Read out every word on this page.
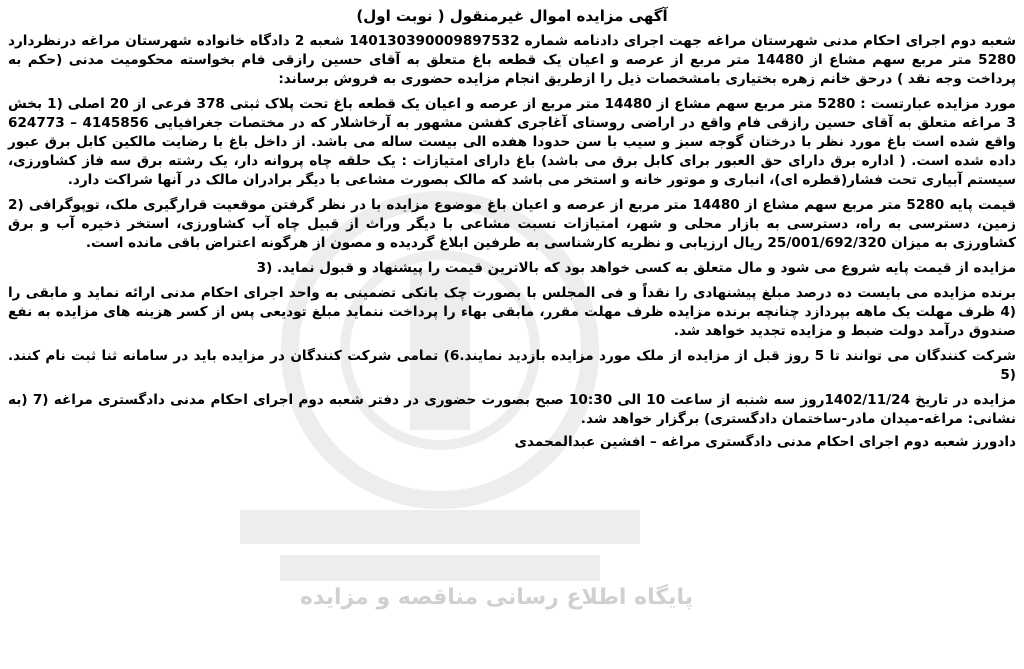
پایگاه اطلاع رسانی مناقصه و مزایده
آگهی مزایده اموال غیرمنقول ( نوبت اول)
شعبه دوم اجرای احکام مدنی شهرستان مراغه جهت اجرای دادنامه شماره 140130390009897532 شعبه 2 دادگاه خانواده شهرستان مراغه درنظردارد 5280 متر مربع سهم مشاع از 14480 متر مربع از عرصه و اعیان یک قطعه باغ متعلق به آقای حسین رازقی فام بخواسته محکومیت مدنی (حکم به پرداخت وجه نقد ) درحق خانم زهره بختیاری بامشخصات ذیل را ازطریق انجام مزایده حضوری به فروش برساند:
مورد مزایده عبارتست : 5280 متر مربع سهم مشاع از 14480 متر مربع از عرصه و اعیان یک قطعه باغ تحت پلاک ثبتی 378 فرعی از 20 اصلی (1 بخش 3 مراغه متعلق به آقای حسین رازقی فام واقع در اراضی روستای آغاجری کفشن مشهور به آرخاشلار که در مختصات جغرافیایی 4145856 – 624773 واقع شده است باغ مورد نظر با درختان گوجه سبز و سیب با سن حدودا هفده الی بیست ساله می باشد. از داخل باغ با رضایت مالکین کابل برق عبور داده شده است. ( اداره برق دارای حق العبور برای کابل برق می باشد) باغ دارای امتیازات : یک حلقه چاه پروانه دار، یک رشته برق سه فاز کشاورزی، سیستم آبیاری تحت فشار(قطره ای)، انباری و موتور خانه و استخر می باشد که مالک بصورت مشاعی با دیگر برادران مالک در آنها شراکت دارد.
قیمت پایه 5280 متر مربع سهم مشاع از 14480 متر مربع از عرصه و اعیان باغ موضوع مزایده با در نظر گرفتن موقعیت قرارگیری ملک، توپوگرافی (2 زمین، دسترسی به راه، دسترسی به بازار محلی و شهر، امتیازات نسبت مشاعی با دیگر وراث از قبیل چاه آب کشاورزی، استخر ذخیره آب و برق کشاورزی به میزان 25/001/692/320 ریال ارزیابی و نظریه کارشناسی به طرفین ابلاغ گردیده و مصون از هرگونه اعتراض باقی مانده است.
مزایده از قیمت پایه شروع می شود و مال متعلق به کسی خواهد بود که بالاترین قیمت را پیشنهاد و قبول نماید. (3
برنده مزایده می بایست ده درصد مبلغ پیشنهادی را نقداً و فی المجلس با بصورت چک بانکی تضمینی به واحد اجرای احکام مدنی ارائه نماید و مابقی را (4 ظرف مهلت یک ماهه بپردازد چنانچه برنده مزایده ظرف مهلت مقرر، مابقی بهاء را پرداخت ننماید مبلغ تودیعی پس از کسر هزینه های مزایده به نفع صندوق درآمد دولت ضبط و مزایده تجدید خواهد شد.
شرکت کنندگان می توانند تا 5 روز قبل از مزایده از ملک مورد مزایده بازدید نمایند.6) تمامی شرکت کنندگان در مزایده باید در سامانه ثنا ثبت نام کنند. (5
مزایده در تاریخ 1402/11/24روز سه شنبه از ساعت 10 الی 10:30 صبح بصورت حضوری در دفتر شعبه دوم اجرای احکام مدنی دادگستری مراغه (7 (به نشانی: مراغه-میدان مادر-ساختمان دادگستری) برگزار خواهد شد.
دادورز شعبه دوم اجرای احکام مدنی دادگستری مراغه – افشین عبدالمحمدی
